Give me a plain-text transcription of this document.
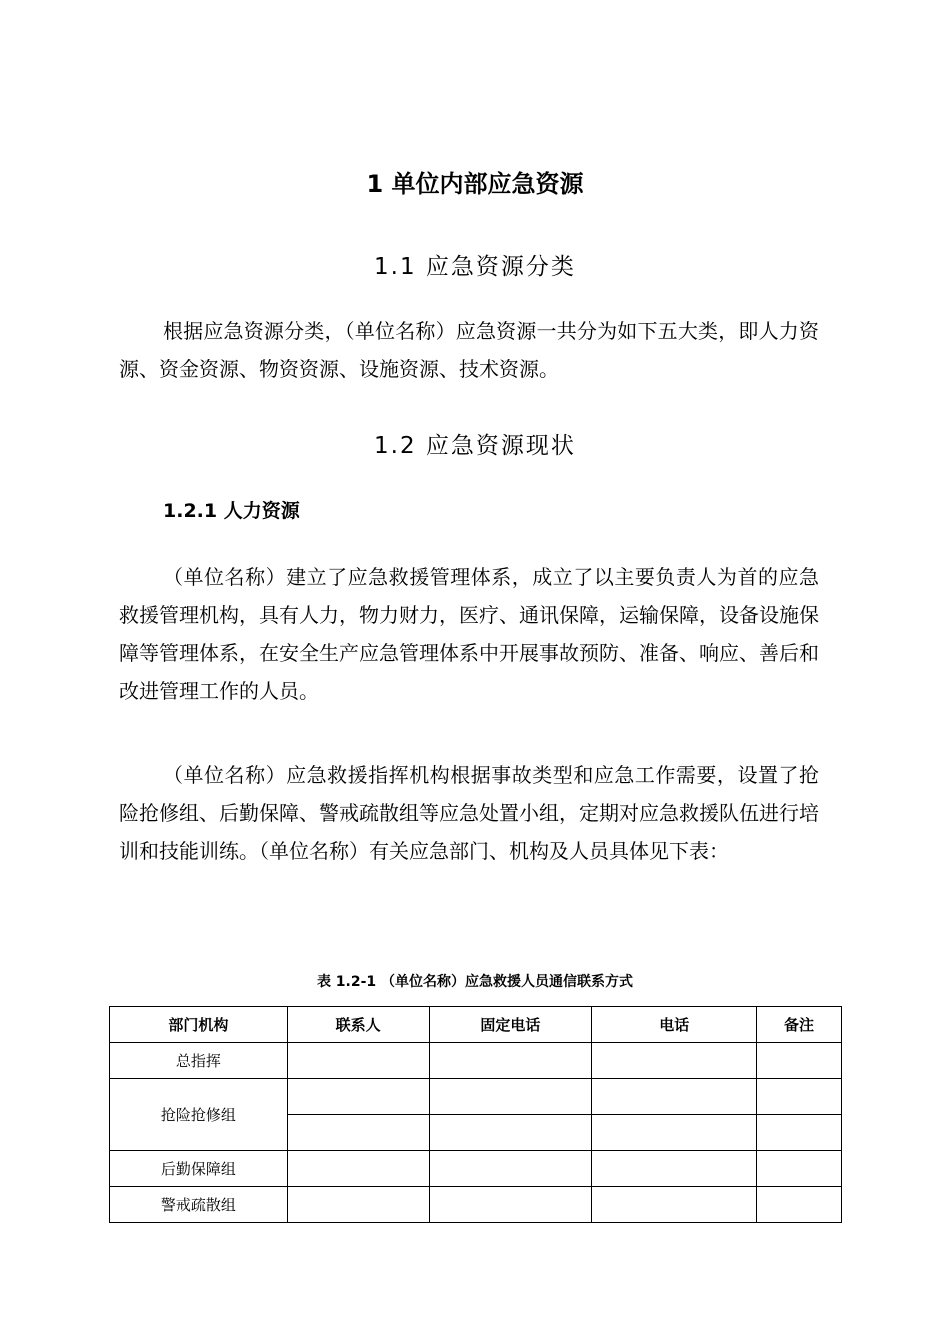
1 单位内部应急资源
1.1 应急资源分类

根据应急资源分类，（单位名称）应急资源一共分为如下五大类，即人力资源、资金资源、物资资源、设施资源、技术资源。

1.2 应急资源现状
1.2.1 人力资源

（单位名称）建立了应急救援管理体系，成立了以主要负责人为首的应急救援管理机构，具有人力，物力财力，医疗、通讯保障，运输保障，设备设施保障等管理体系，在安全生产应急管理体系中开展事故预防、准备、响应、善后和改进管理工作的人员。

（单位名称）应急救援指挥机构根据事故类型和应急工作需要，设置了抢险抢修组、后勤保障、警戒疏散组等应急处置小组，定期对应急救援队伍进行培训和技能训练。（单位名称）有关应急部门、机构及人员具体见下表：

表 1.2-1 （单位名称）应急救援人员通信联系方式
部门机构	联系人	固定电话	电话	备注
总指挥				
抢险抢修组				

后勤保障组				
警戒疏散组				
